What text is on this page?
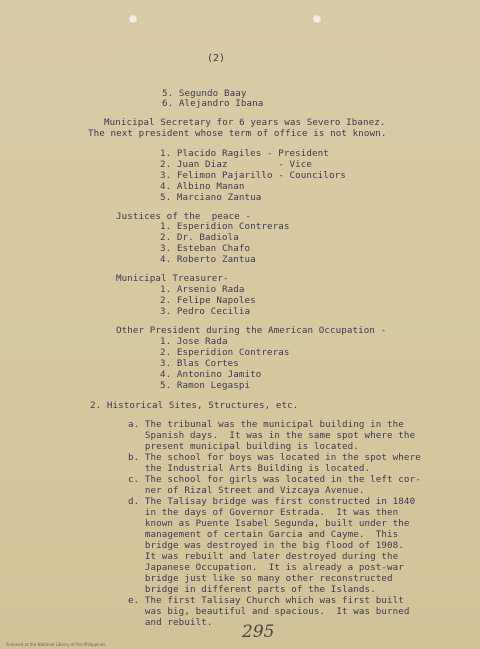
(2)
5. Segundo Baay
6. Alejandro Ibana
Municipal Secretary for 6 years was Severo Ibanez.
The next president whose term of office is not known.
1. Placido Ragiles - President
2. Juan Diaz         - Vice
3. Felimon Pajarillo - Councilors
4. Albino Manan
5. Marciano Zantua
Justices of the  peace -
1. Esperidion Contreras
2. Dr. Badiola
3. Esteban Chafo
4. Roberto Zantua
Municipal Treasurer-
1. Arsenio Rada
2. Felipe Napoles
3. Pedro Cecilia
Other President during the American Occupation -
1. Jose Rada
2. Esperidion Contreras
3. Blas Cortes
4. Antonino Jamito
5. Ramon Legaspi
2. Historical Sites, Structures, etc.
a. The tribunal was the municipal building in the
Spanish days.  It was in the same spot where the
present municipal building is located.
b. The school for boys was located in the spot where
the Industrial Arts Building is located.
c. The school for girls was located in the left cor-
ner of Rizal Street and Vizcaya Avenue.
d. The Talisay bridge was first constructed in 1840
in the days of Governor Estrada.  It was then
known as Puente Isabel Segunda, built under the
management of certain Garcia and Cayme.  This
bridge was destroyed in the big flood of 1908.
It was rebuilt and later destroyed during the
Japanese Occupation.  It is already a post-war
bridge just like so many other reconstructed
bridge in different parts of the Islands.
e. The first Talisay Church which was first built
was big, beautiful and spacious.  It was burned
and rebuilt. 295
Scanned at the National Library of the Philippines
